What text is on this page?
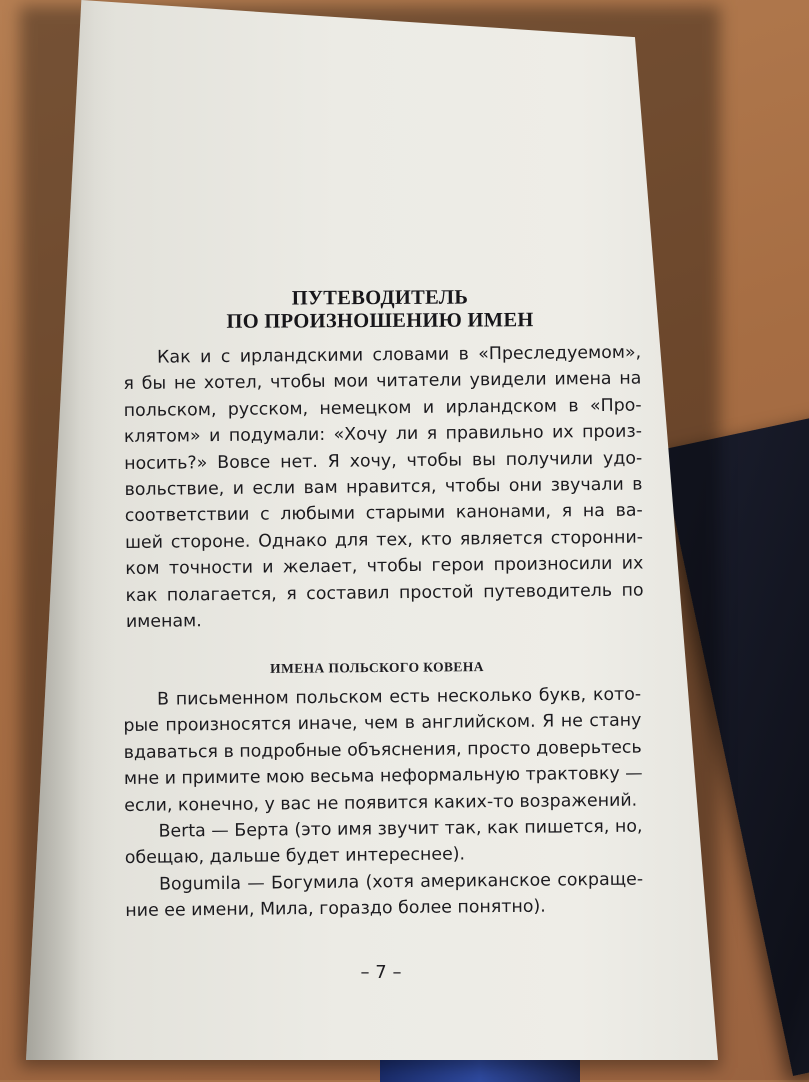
ПУТЕВОДИТЕЛЬ
ПО ПРОИЗНОШЕНИЮ ИМЕН
Как и с ирландскими словами в «Преследуемом»,
я бы не хотел, чтобы мои читатели увидели имена на
польском, русском, немецком и ирландском в «Про-
клятом» и подумали: «Хочу ли я правильно их произ-
носить?» Вовсе нет. Я хочу, чтобы вы получили удо-
вольствие, и если вам нравится, чтобы они звучали в
соответствии с любыми старыми канонами, я на ва-
шей стороне. Однако для тех, кто является сторонни-
ком точности и желает, чтобы герои произносили их
как полагается, я составил простой путеводитель по
именам.
ИМЕНА ПОЛЬСКОГО КОВЕНА
В письменном польском есть несколько букв, кото-
рые произносятся иначе, чем в английском. Я не стану
вдаваться в подробные объяснения, просто доверьтесь
мне и примите мою весьма неформальную трактовку —
если, конечно, у вас не появится каких-то возражений.
Berta — Берта (это имя звучит так, как пишется, но,
обещаю, дальше будет интереснее).
Bogumila — Богумила (хотя американское сокраще-
ние ее имени, Мила, гораздо более понятно).
– 7 –
